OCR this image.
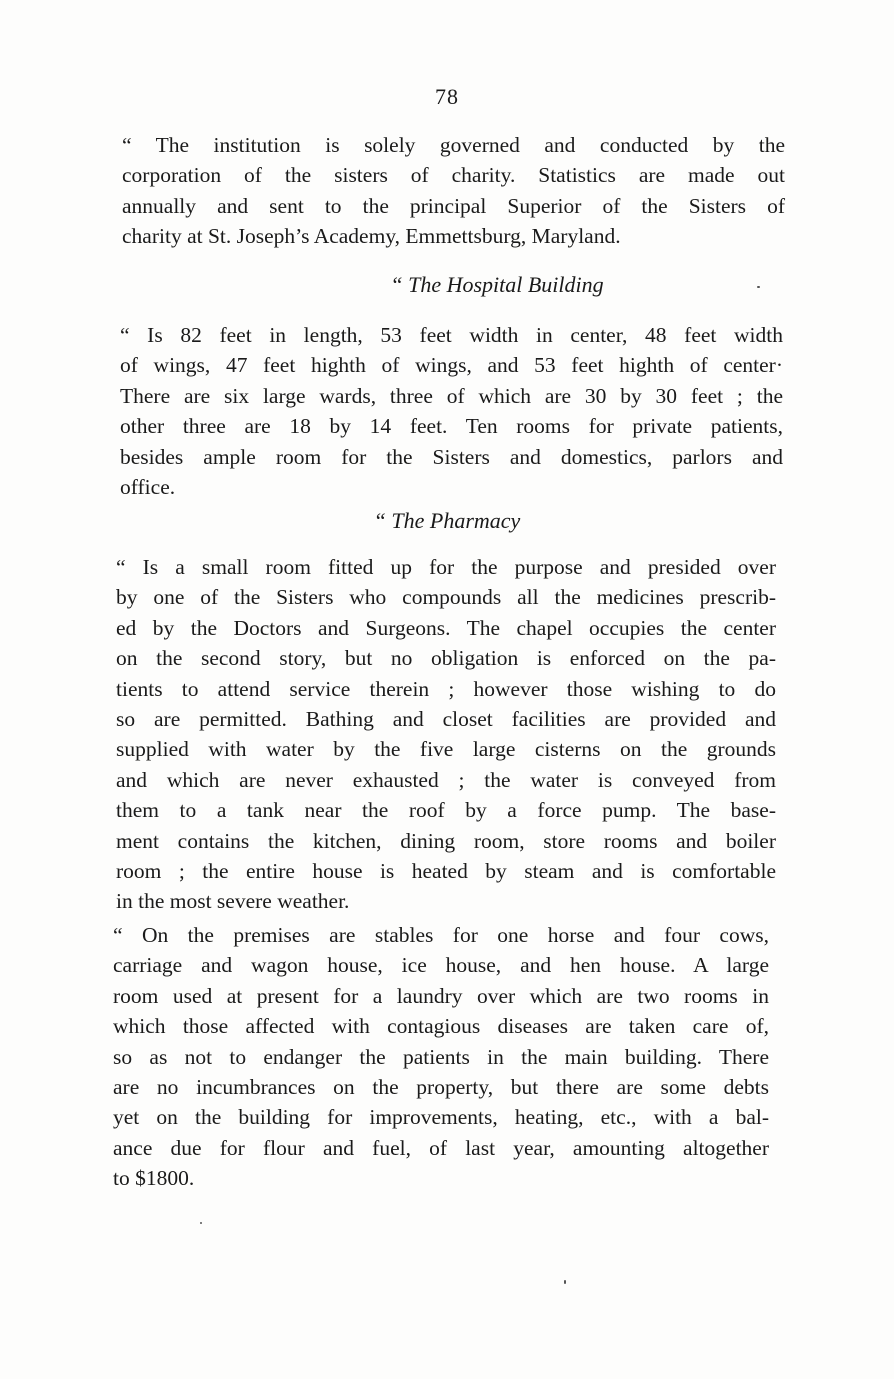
78
“ The institution is solely governed and conducted by the
corporation of the sisters of charity. Statistics are made out
annually and sent to the principal Superior of the Sisters of
charity at St. Joseph’s Academy, Emmettsburg, Maryland.
“ The Hospital Building
“ Is 82 feet in length, 53 feet width in center, 48 feet width
of wings, 47 feet highth of wings, and 53 feet highth of center·
There are six large wards, three of which are 30 by 30 feet ; the
other three are 18 by 14 feet. Ten rooms for private patients,
besides ample room for the Sisters and domestics, parlors and
office.
“ The Pharmacy
“ Is a small room fitted up for the purpose and presided over
by one of the Sisters who compounds all the medicines prescrib-
ed by the Doctors and Surgeons. The chapel occupies the center
on the second story, but no obligation is enforced on the pa-
tients to attend service therein ; however those wishing to do
so are permitted. Bathing and closet facilities are provided and
supplied with water by the five large cisterns on the grounds
and which are never exhausted ; the water is conveyed from
them to a tank near the roof by a force pump. The base-
ment contains the kitchen, dining room, store rooms and boiler
room ; the entire house is heated by steam and is comfortable
in the most severe weather.
“ On the premises are stables for one horse and four cows,
carriage and wagon house, ice house, and hen house. A large
room used at present for a laundry over which are two rooms in
which those affected with contagious diseases are taken care of,
so as not to endanger the patients in the main building. There
are no incumbrances on the property, but there are some debts
yet on the building for improvements, heating, etc., with a bal-
ance due for flour and fuel, of last year, amounting altogether
to $1800.
